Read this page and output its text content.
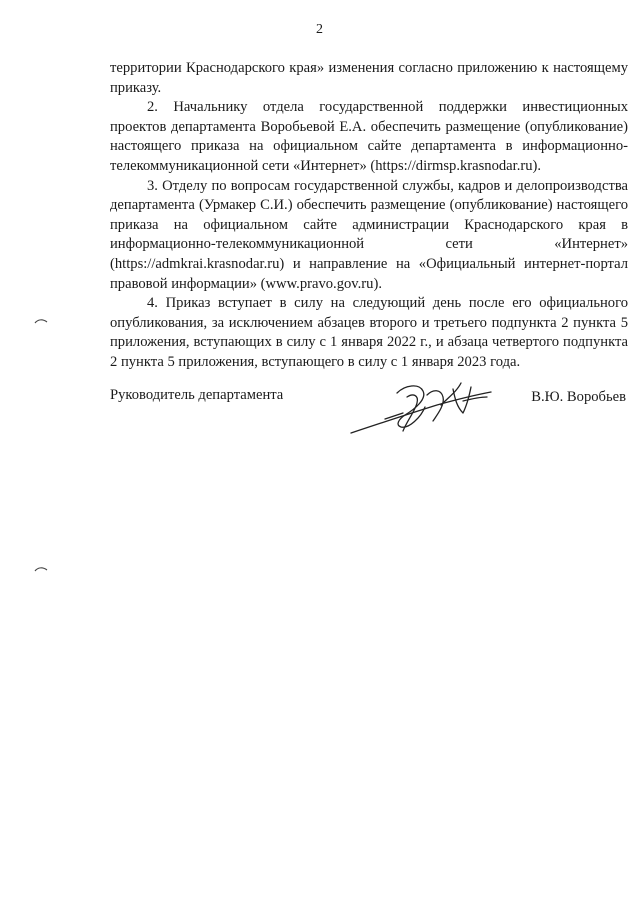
2

территории Краснодарского края» изменения согласно приложению к настоящему приказу.

2. Начальнику отдела государственной поддержки инвестиционных проектов департамента Воробьевой Е.А. обеспечить размещение (опубликование) настоящего приказа на официальном сайте департамента в информационно-телекоммуникационной сети «Интернет» (https://dirmsp.krasnodar.ru).

3. Отделу по вопросам государственной службы, кадров и делопроизводства департамента (Урмакер С.И.) обеспечить размещение (опубликование) настоящего приказа на официальном сайте администрации Краснодарского края в информационно-телекоммуникационной сети «Интернет» (https://admkrai.krasnodar.ru) и направление на «Официальный интернет-портал правовой информации» (www.pravo.gov.ru).

4. Приказ вступает в силу на следующий день после его официального опубликования, за исключением абзацев второго и третьего подпункта 2 пункта 5 приложения, вступающих в силу с 1 января 2022 г., и абзаца четвертого подпункта 2 пункта 5 приложения, вступающего в силу с 1 января 2023 года.

Руководитель департамента	В.Ю. Воробьев
